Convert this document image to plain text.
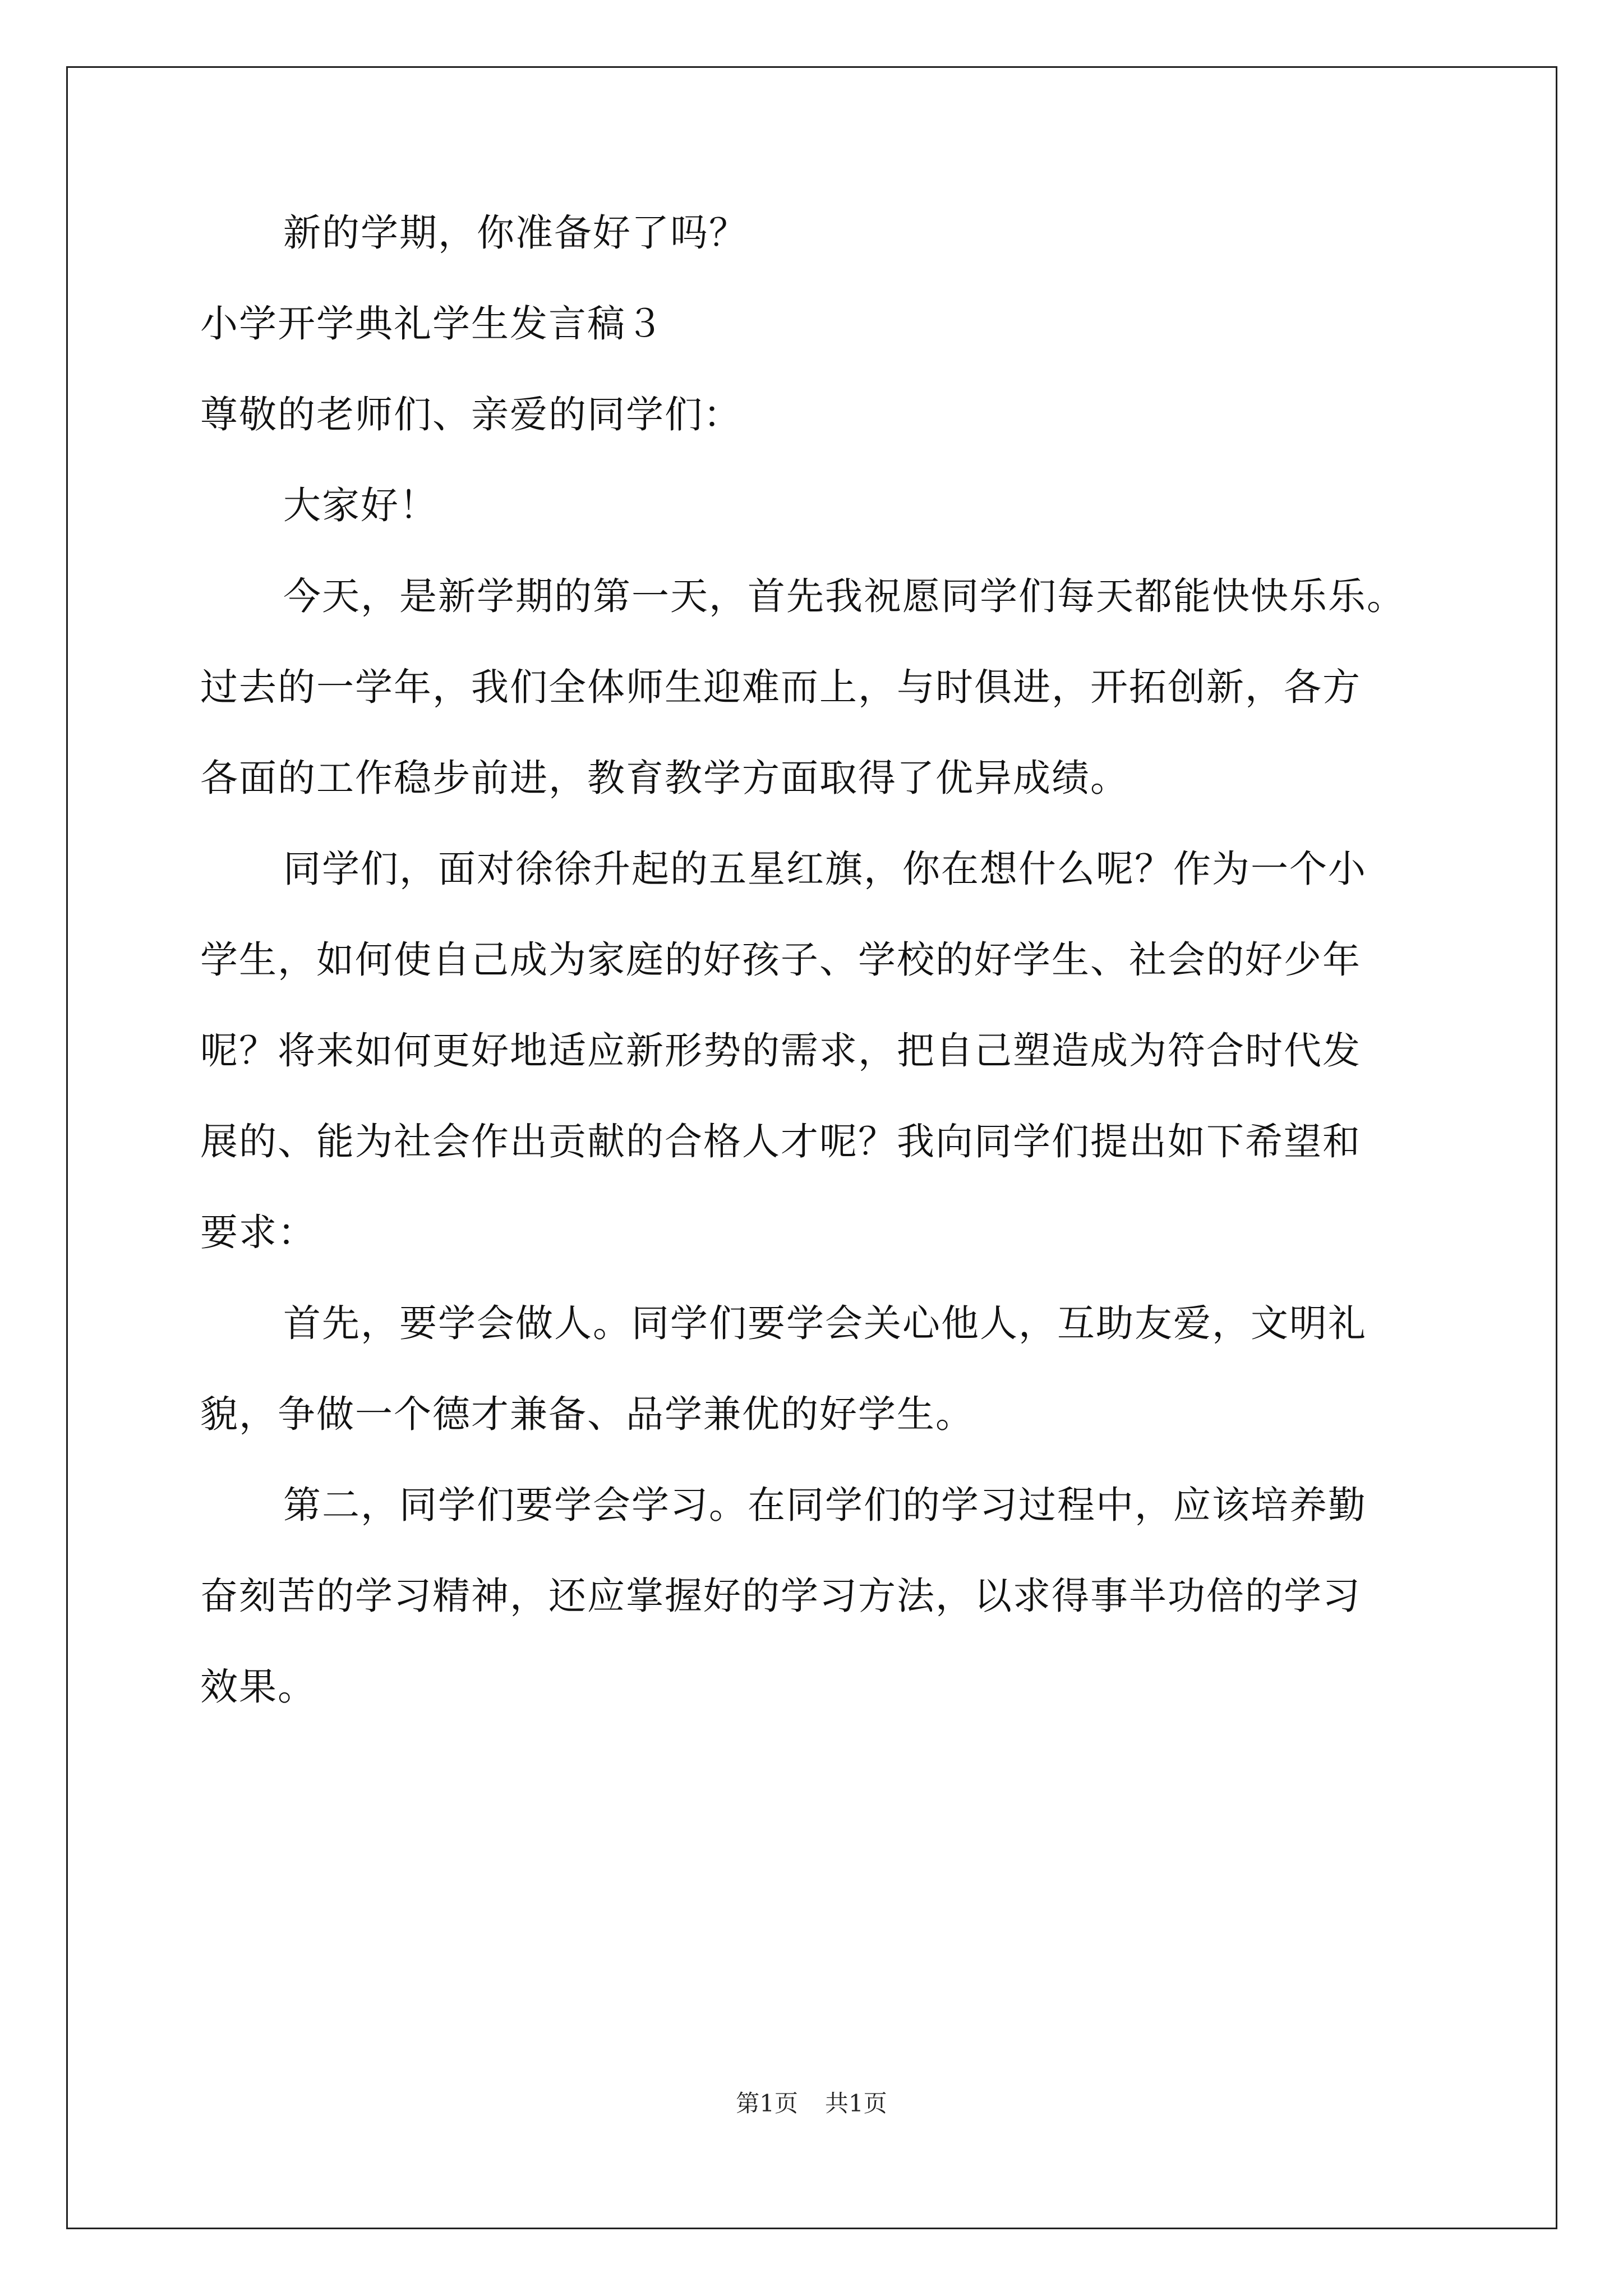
新的学期，你准备好了吗？
小学开学典礼学生发言稿３
尊敬的老师们、亲爱的同学们：
大家好！
今天，是新学期的第一天，首先我祝愿同学们每天都能快快乐乐。
过去的一学年，我们全体师生迎难而上，与时俱进，开拓创新，各方
各面的工作稳步前进，教育教学方面取得了优异成绩。
同学们，面对徐徐升起的五星红旗，你在想什么呢？作为一个小
学生，如何使自己成为家庭的好孩子、学校的好学生、社会的好少年
呢？将来如何更好地适应新形势的需求，把自己塑造成为符合时代发
展的、能为社会作出贡献的合格人才呢？我向同学们提出如下希望和
要求：
首先，要学会做人。同学们要学会关心他人，互助友爱，文明礼
貌，争做一个德才兼备、品学兼优的好学生。
第二，同学们要学会学习。在同学们的学习过程中，应该培养勤
奋刻苦的学习精神，还应掌握好的学习方法，以求得事半功倍的学习
效果。
第1页 共1页
